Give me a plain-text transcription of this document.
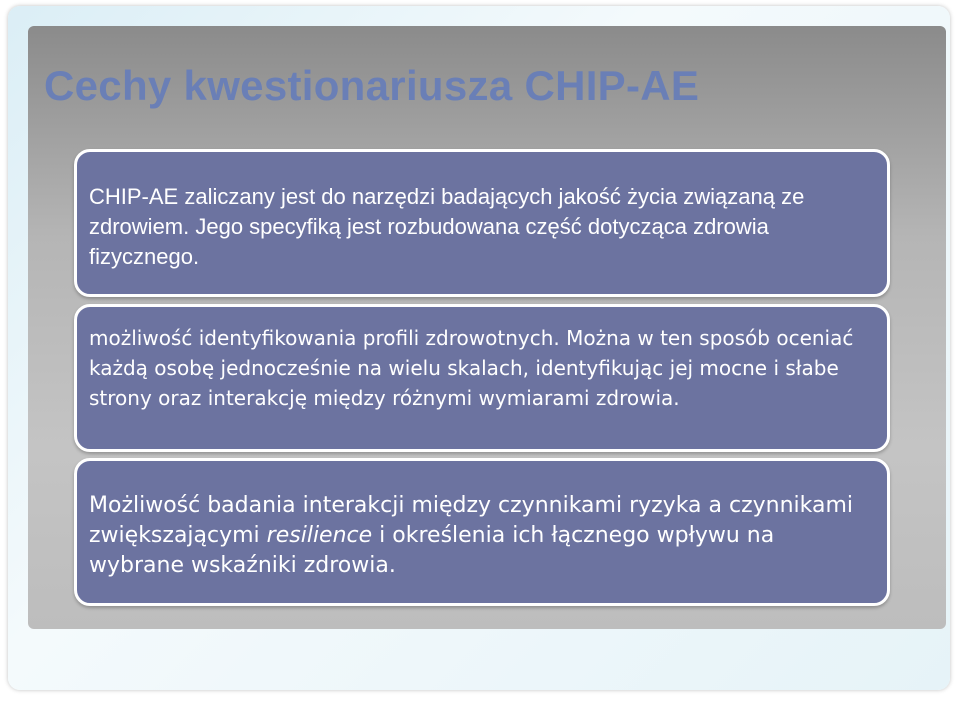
Cechy kwestionariusza CHIP-AE

CHIP-AE zaliczany jest do narzędzi badających jakość życia związaną ze zdrowiem. Jego specyfiką jest rozbudowana część dotycząca zdrowia fizycznego.

możliwość identyfikowania profili zdrowotnych. Można w ten sposób oceniać każdą osobę jednocześnie na wielu skalach, identyfikując jej mocne i słabe strony oraz interakcję między różnymi wymiarami zdrowia.

Możliwość badania interakcji między czynnikami ryzyka a czynnikami zwiększającymi resilience i określenia ich łącznego wpływu na wybrane wskaźniki zdrowia.
